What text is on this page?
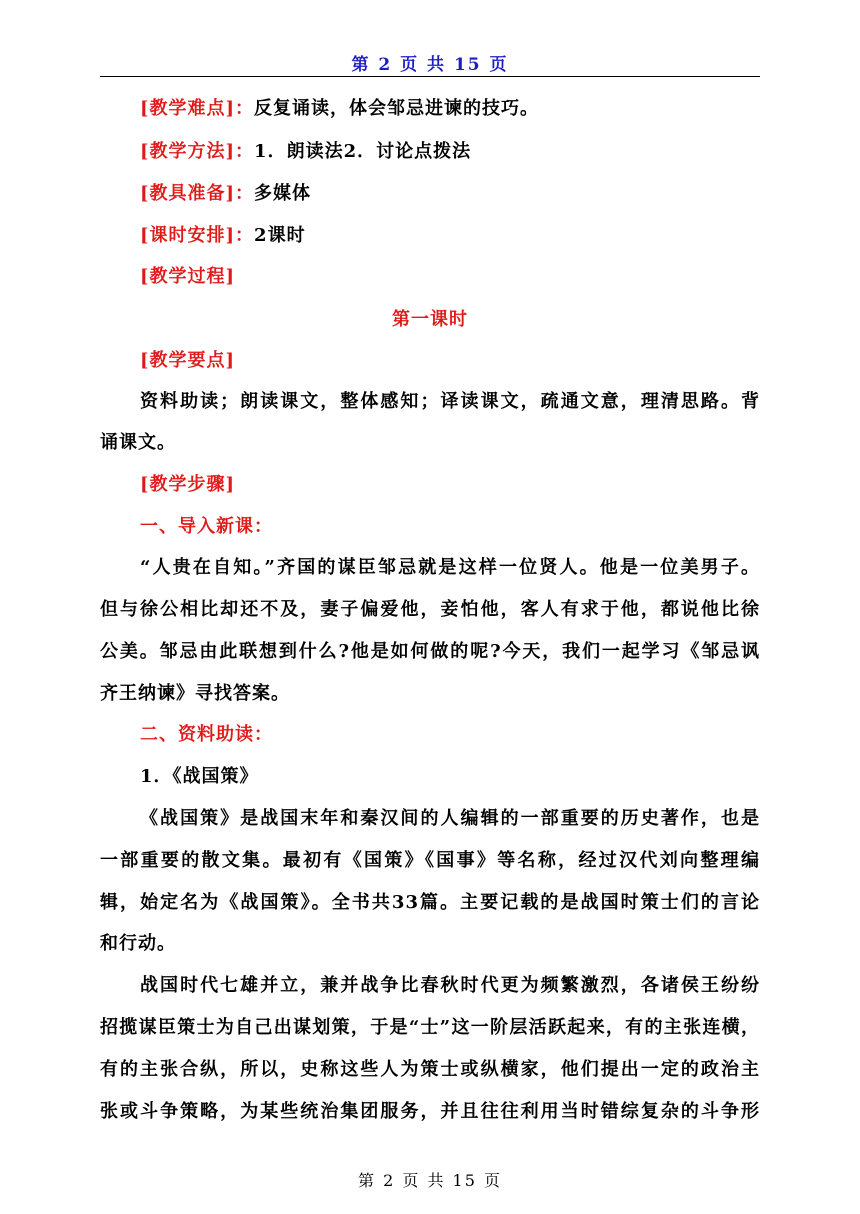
第 2 页 共 15 页
[教学难点]：反复诵读，体会邹忌进谏的技巧。
[教学方法]：1．朗读法2．讨论点拨法
[教具准备]：多媒体
[课时安排]：2课时
[教学过程]
第一课时
[教学要点]
资料助读；朗读课文，整体感知；译读课文，疏通文意，理清思路。背
诵课文。
[教学步骤]
一、导入新课：
“人贵在自知。”齐国的谋臣邹忌就是这样一位贤人。他是一位美男子。
但与徐公相比却还不及，妻子偏爱他，妾怕他，客人有求于他，都说他比徐
公美。邹忌由此联想到什么?他是如何做的呢?今天，我们一起学习《邹忌讽
齐王纳谏》寻找答案。
二、资料助读：
1．《战国策》
《战国策》是战国末年和秦汉间的人编辑的一部重要的历史著作，也是
一部重要的散文集。最初有《国策》《国事》等名称，经过汉代刘向整理编
辑，始定名为《战国策》。全书共33篇。主要记载的是战国时策士们的言论
和行动。
战国时代七雄并立，兼并战争比春秋时代更为频繁激烈，各诸侯王纷纷
招揽谋臣策士为自己出谋划策，于是“士”这一阶层活跃起来，有的主张连横，
有的主张合纵，所以，史称这些人为策士或纵横家，他们提出一定的政治主
张或斗争策略，为某些统治集团服务，并且往往利用当时错综复杂的斗争形
第 2 页 共 15 页
